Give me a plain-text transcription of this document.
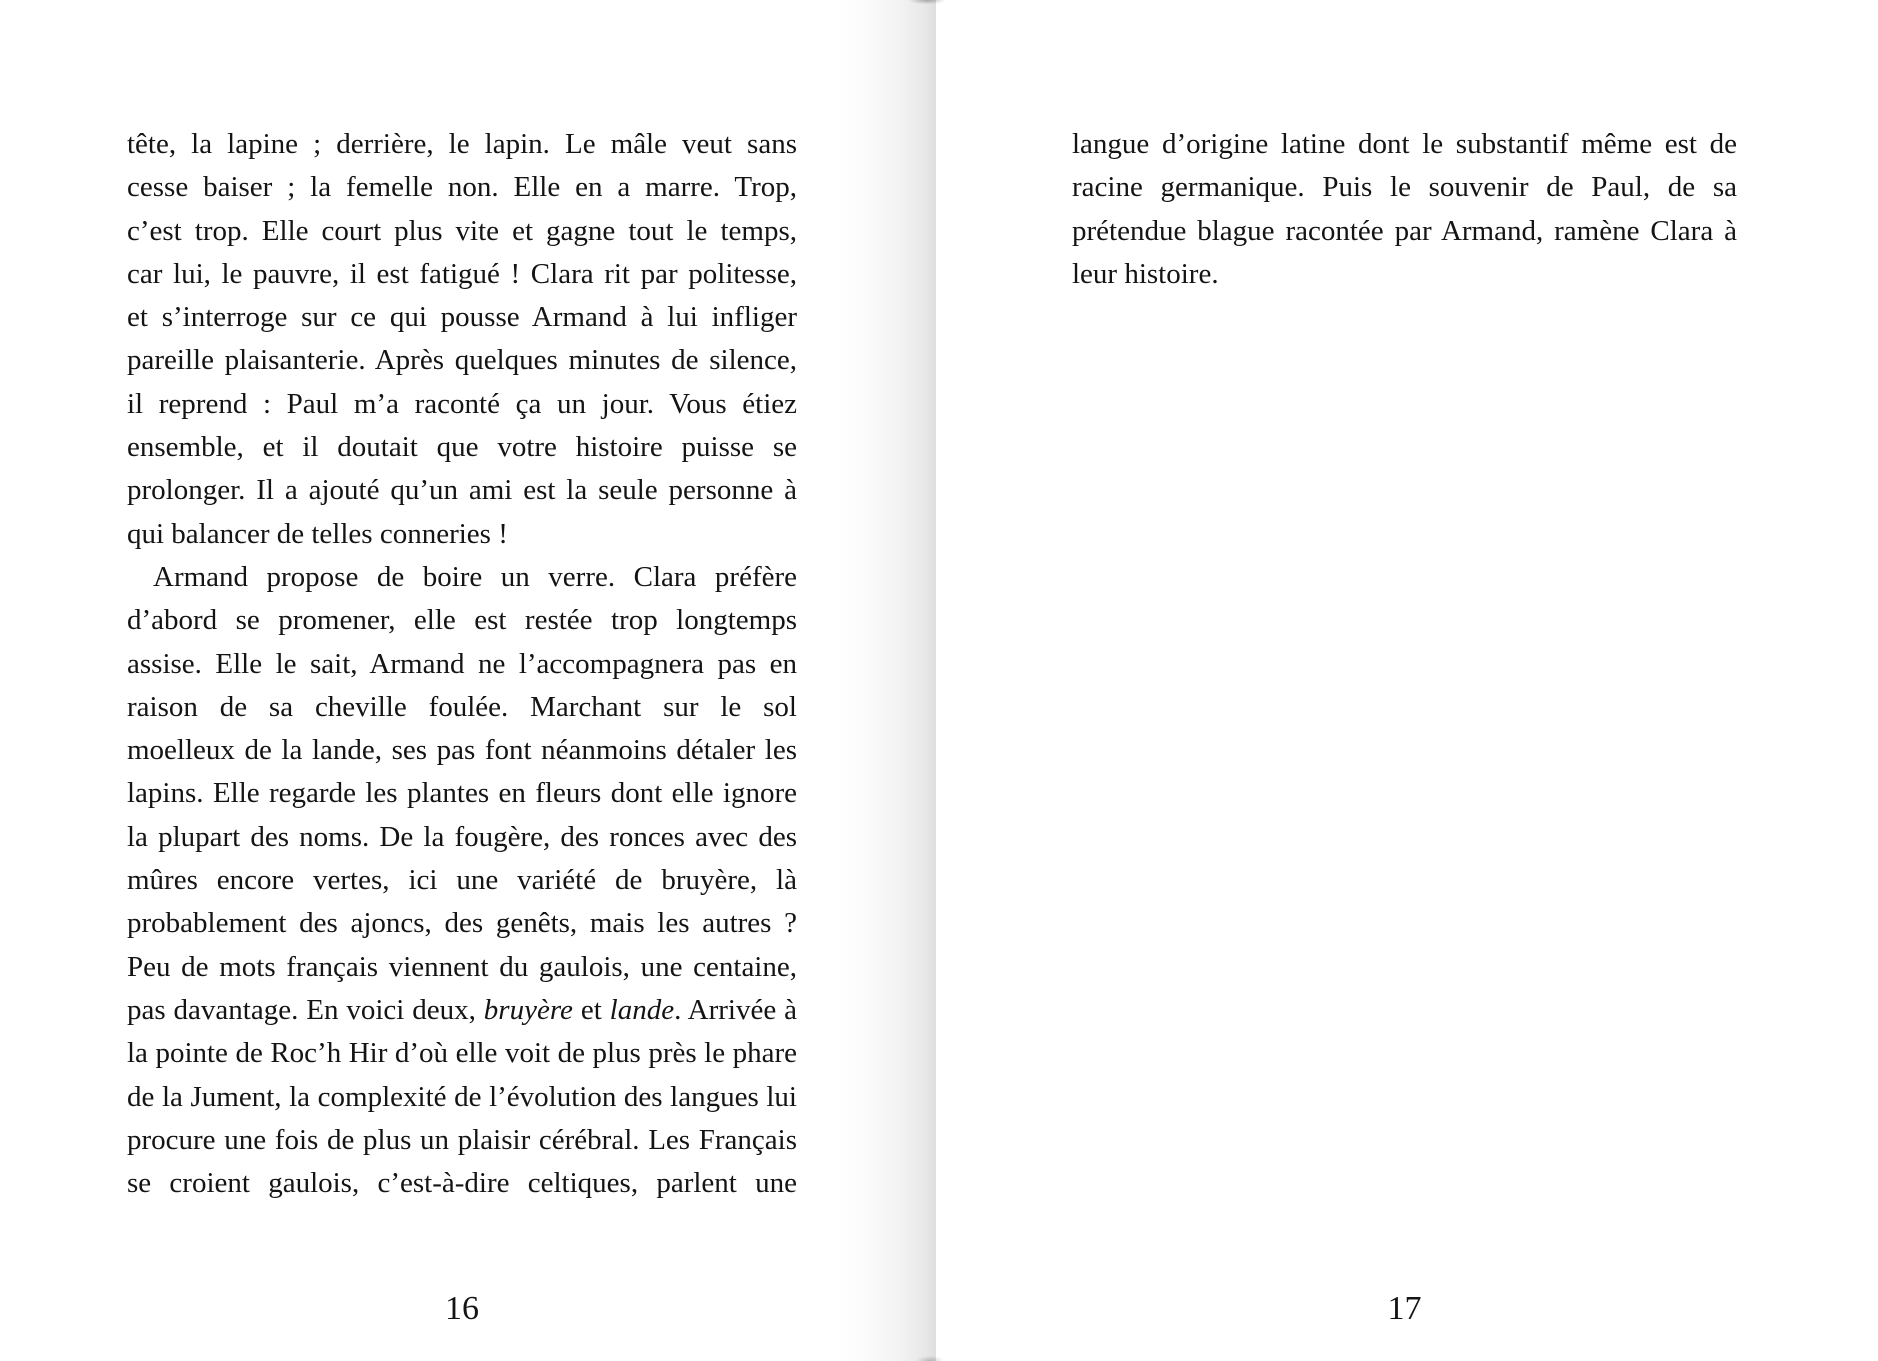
tête, la lapine ; derrière, le lapin. Le mâle veut sans
cesse baiser ; la femelle non. Elle en a marre. Trop,
c’est trop. Elle court plus vite et gagne tout le temps,
car lui, le pauvre, il est fatigué ! Clara rit par politesse,
et s’interroge sur ce qui pousse Armand à lui infliger
pareille plaisanterie. Après quelques minutes de silence,
il reprend : Paul m’a raconté ça un jour. Vous étiez
ensemble, et il doutait que votre histoire puisse se
prolonger. Il a ajouté qu’un ami est la seule personne à
qui balancer de telles conneries !
Armand propose de boire un verre. Clara préfère
d’abord se promener, elle est restée trop longtemps
assise. Elle le sait, Armand ne l’accompagnera pas en
raison de sa cheville foulée. Marchant sur le sol
moelleux de la lande, ses pas font néanmoins détaler les
lapins. Elle regarde les plantes en fleurs dont elle ignore
la plupart des noms. De la fougère, des ronces avec des
mûres encore vertes, ici une variété de bruyère, là
probablement des ajoncs, des genêts, mais les autres ?
Peu de mots français viennent du gaulois, une centaine,
pas davantage. En voici deux, bruyère et lande. Arrivée à
la pointe de Roc’h Hir d’où elle voit de plus près le phare
de la Jument, la complexité de l’évolution des langues lui
procure une fois de plus un plaisir cérébral. Les Français
se croient gaulois, c’est-à-dire celtiques, parlent une
16
langue d’origine latine dont le substantif même est de
racine germanique. Puis le souvenir de Paul, de sa
prétendue blague racontée par Armand, ramène Clara à
leur histoire.
17
